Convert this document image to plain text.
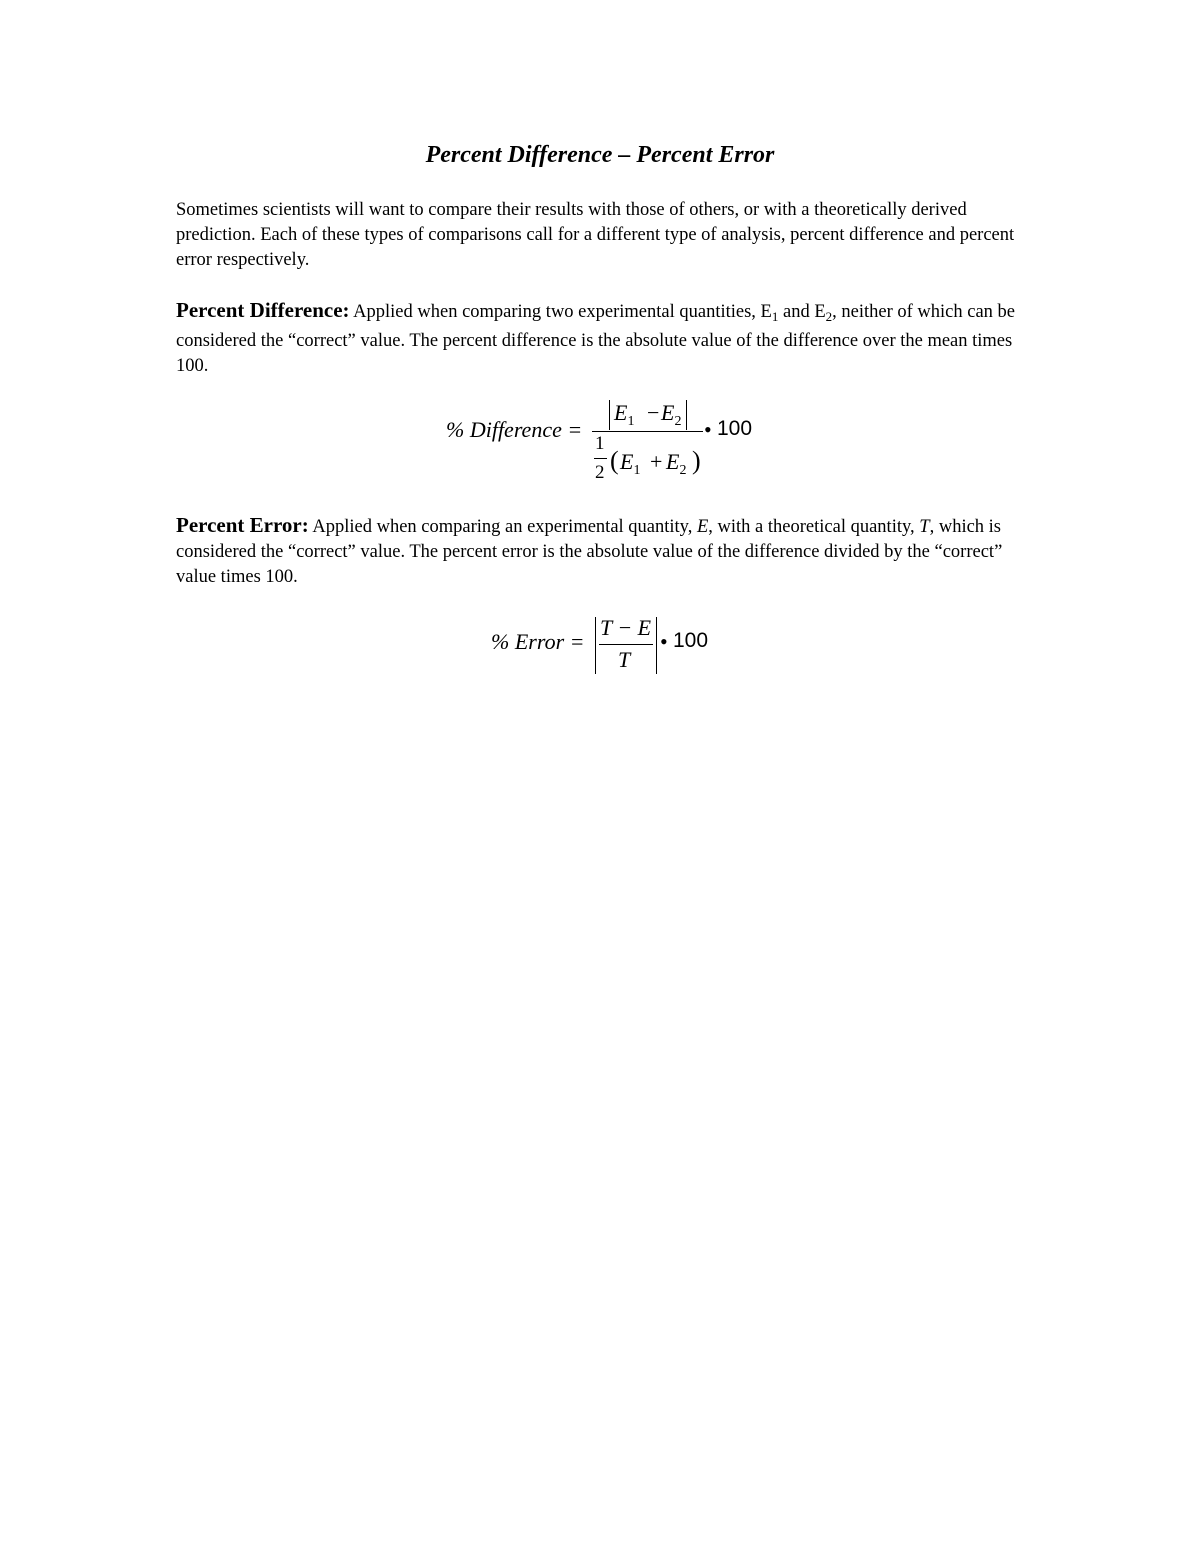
Percent Difference – Percent Error

Sometimes scientists will want to compare their results with those of others, or with a theoretically derived prediction. Each of these types of comparisons call for a different type of analysis, percent difference and percent error respectively.

Percent Difference: Applied when comparing two experimental quantities, $E_1$ and $E_2$, neither of which can be considered the “correct” value. The percent difference is the absolute value of the difference over the mean times 100.

% Difference =
$E_1 - E_2$
1
2 ( $E_1 + E_2$ )
• 100

Percent Error: Applied when comparing an experimental quantity, E, with a theoretical quantity, T, which is considered the “correct” value. The percent error is the absolute value of the difference divided by the “correct” value times 100.

% Error =
T − E
T
• 100
